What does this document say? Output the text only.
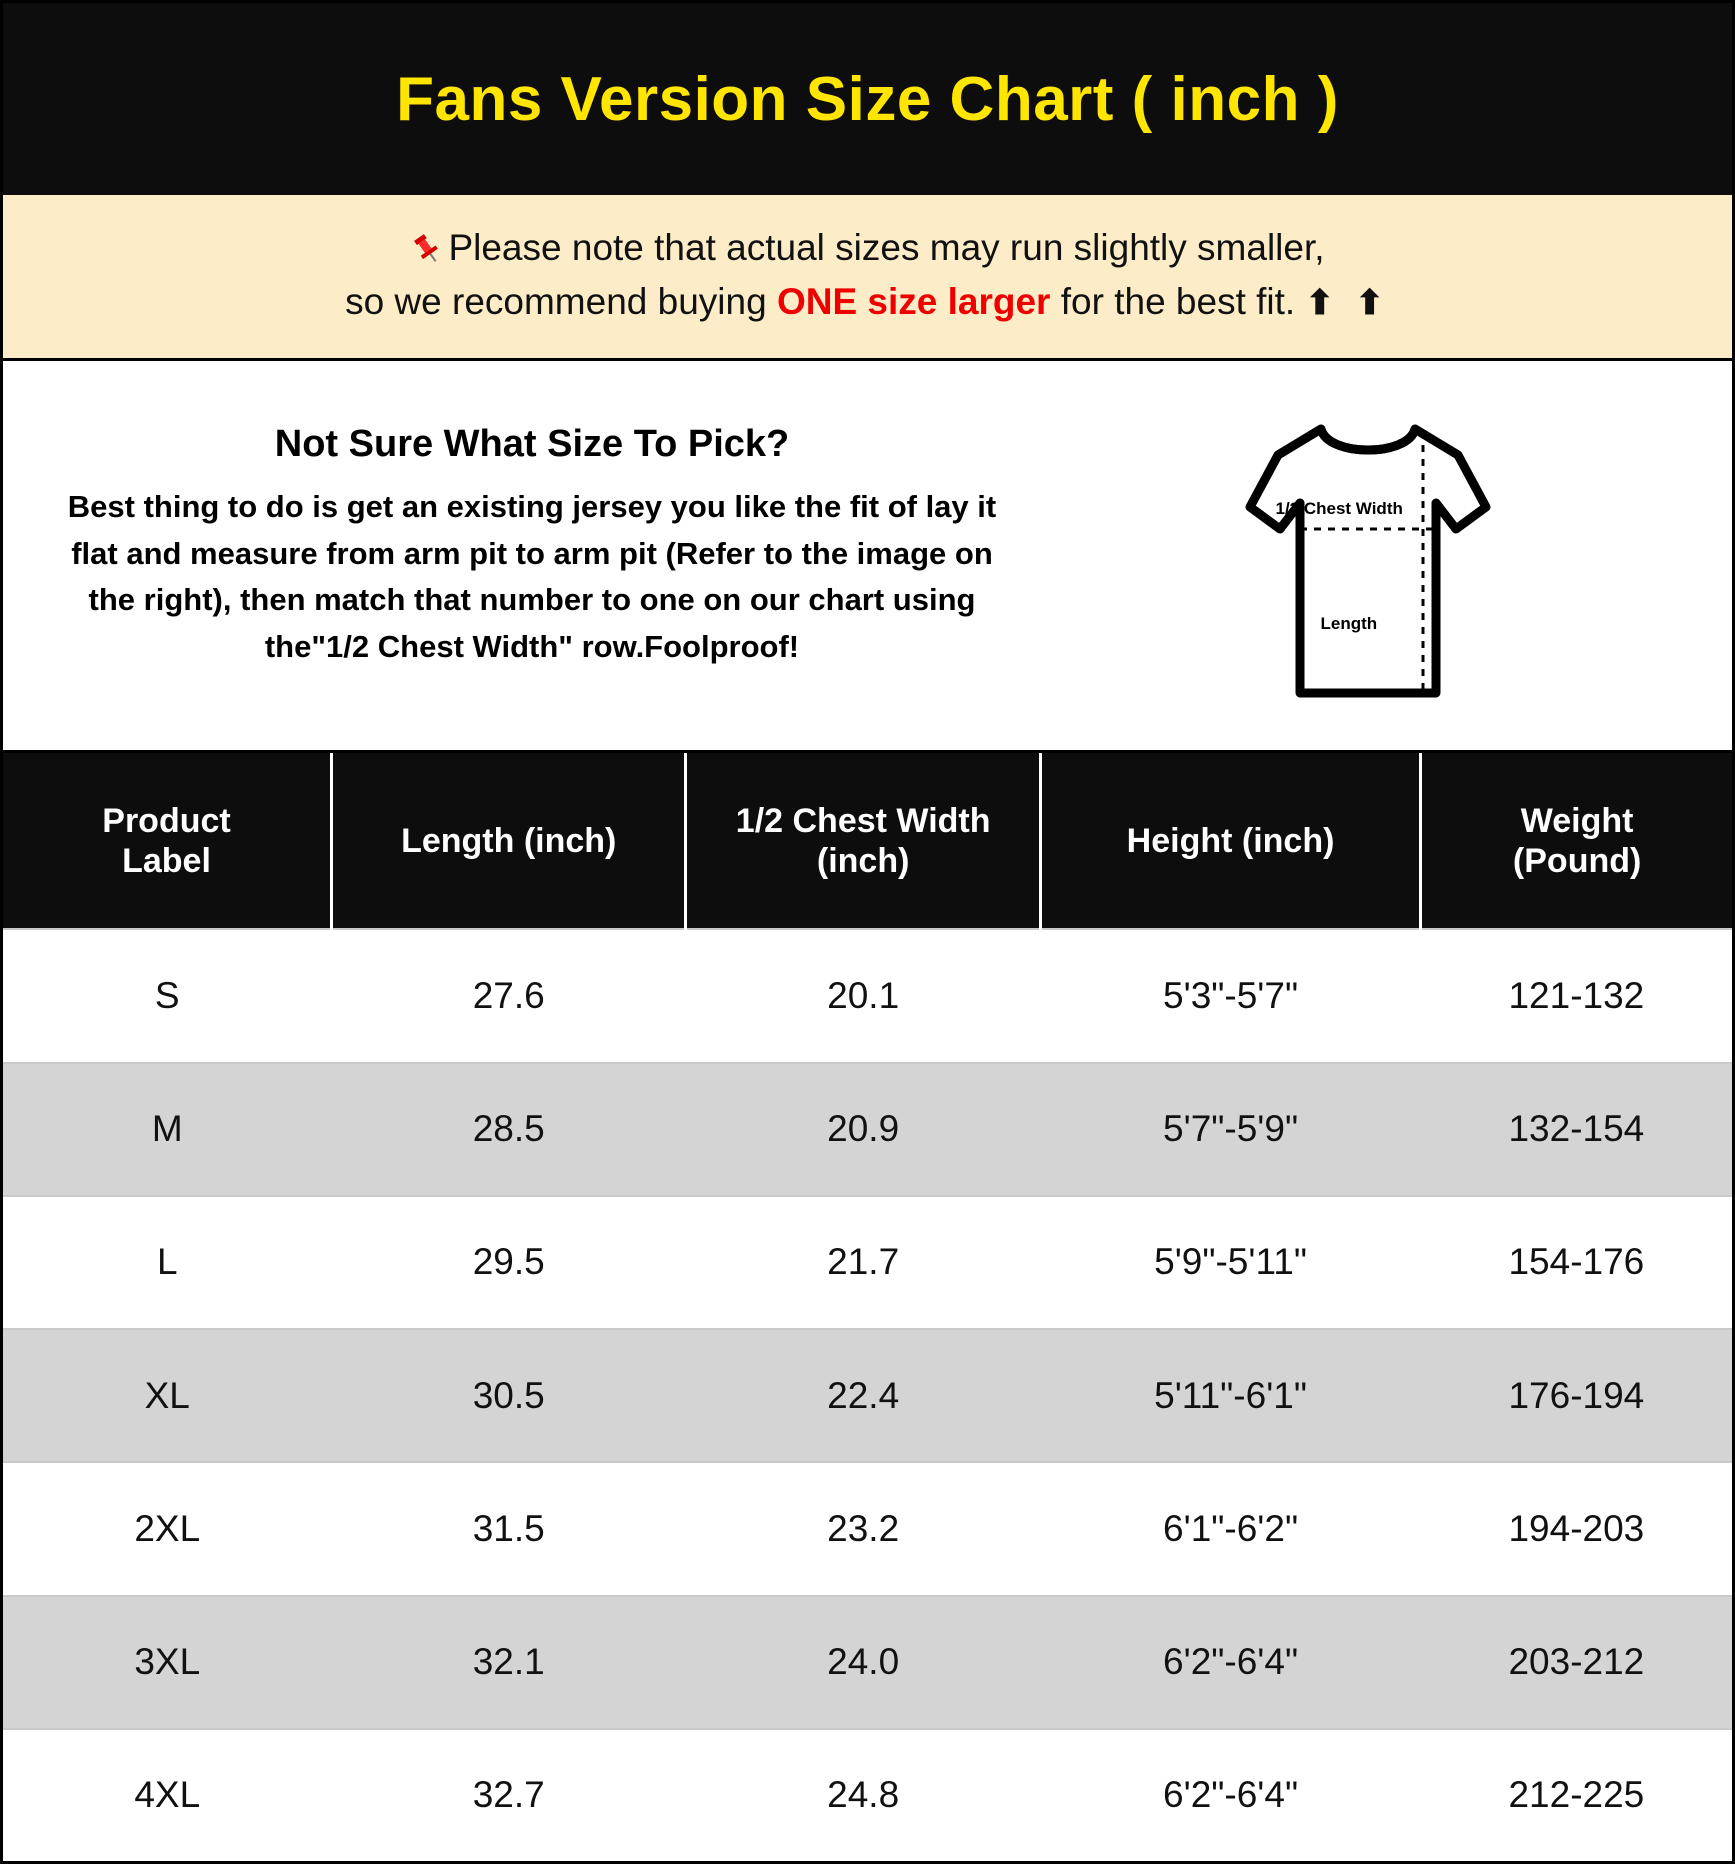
Fans Version Size Chart ( inch )
Please note that actual sizes may run slightly smaller,
so we recommend buying ONE size larger for the best fit. ⬆ ⬆
Not Sure What Size To Pick?
Best thing to do is get an existing jersey you like the fit of lay it flat and measure from arm pit to arm pit (Refer to the image on the right), then match that number to one on our chart using the"1/2 Chest Width" row.Foolproof!
1/2 Chest Width
Length
Product
Label

Length (inch)

1/2 Chest Width
(inch)

Height (inch)

Weight
(Pound)

S	27.6	20.1	5'3"-5'7"	121-132
M	28.5	20.9	5'7"-5'9"	132-154
L	29.5	21.7	5'9"-5'11"	154-176
XL	30.5	22.4	5'11"-6'1"	176-194
2XL	31.5	23.2	6'1"-6'2"	194-203
3XL	32.1	24.0	6'2"-6'4"	203-212
4XL	32.7	24.8	6'2"-6'4"	212-225
